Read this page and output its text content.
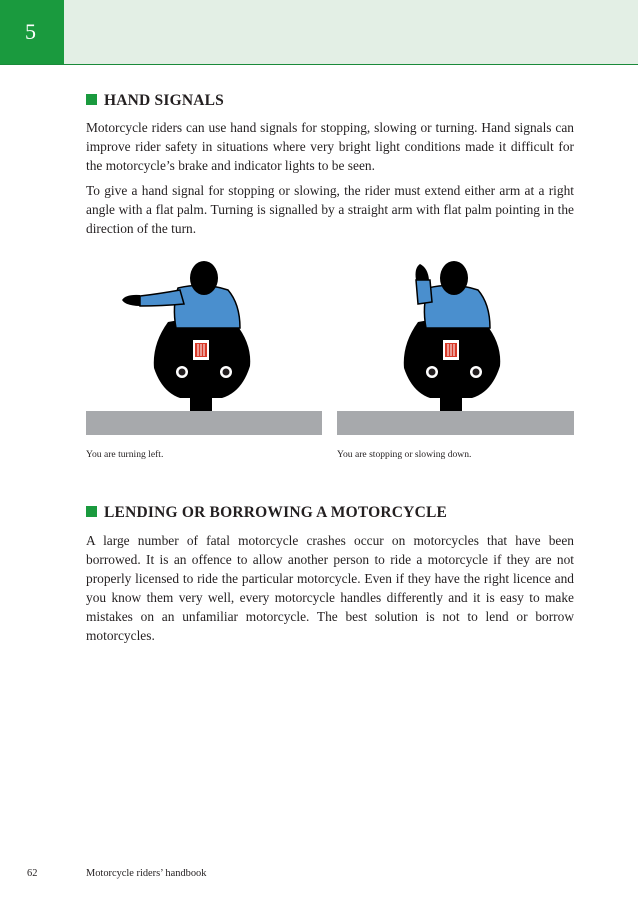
5
HAND SIGNALS

Motorcycle riders can use hand signals for stopping, slowing or turning. Hand signals can improve rider safety in situations where very bright light conditions made it difficult for the motorcycle’s brake and indicator lights to be seen.

To give a hand signal for stopping or slowing, the rider must extend either arm at a right angle with a flat palm. Turning is signalled by a straight arm with flat palm pointing in the direction of the turn.

You are turning left.	You are stopping or slowing down.
LENDING OR BORROWING A MOTORCYCLE

A large number of fatal motorcycle crashes occur on motorcycles that have been borrowed. It is an offence to allow another person to ride a motorcycle if they are not properly licensed to ride the particular motorcycle. Even if they have the right licence and you know them very well, every motorcycle handles differently and it is easy to make mistakes on an unfamiliar motorcycle. The best solution is not to lend or borrow motorcycles.

62	Motorcycle riders’ handbook
